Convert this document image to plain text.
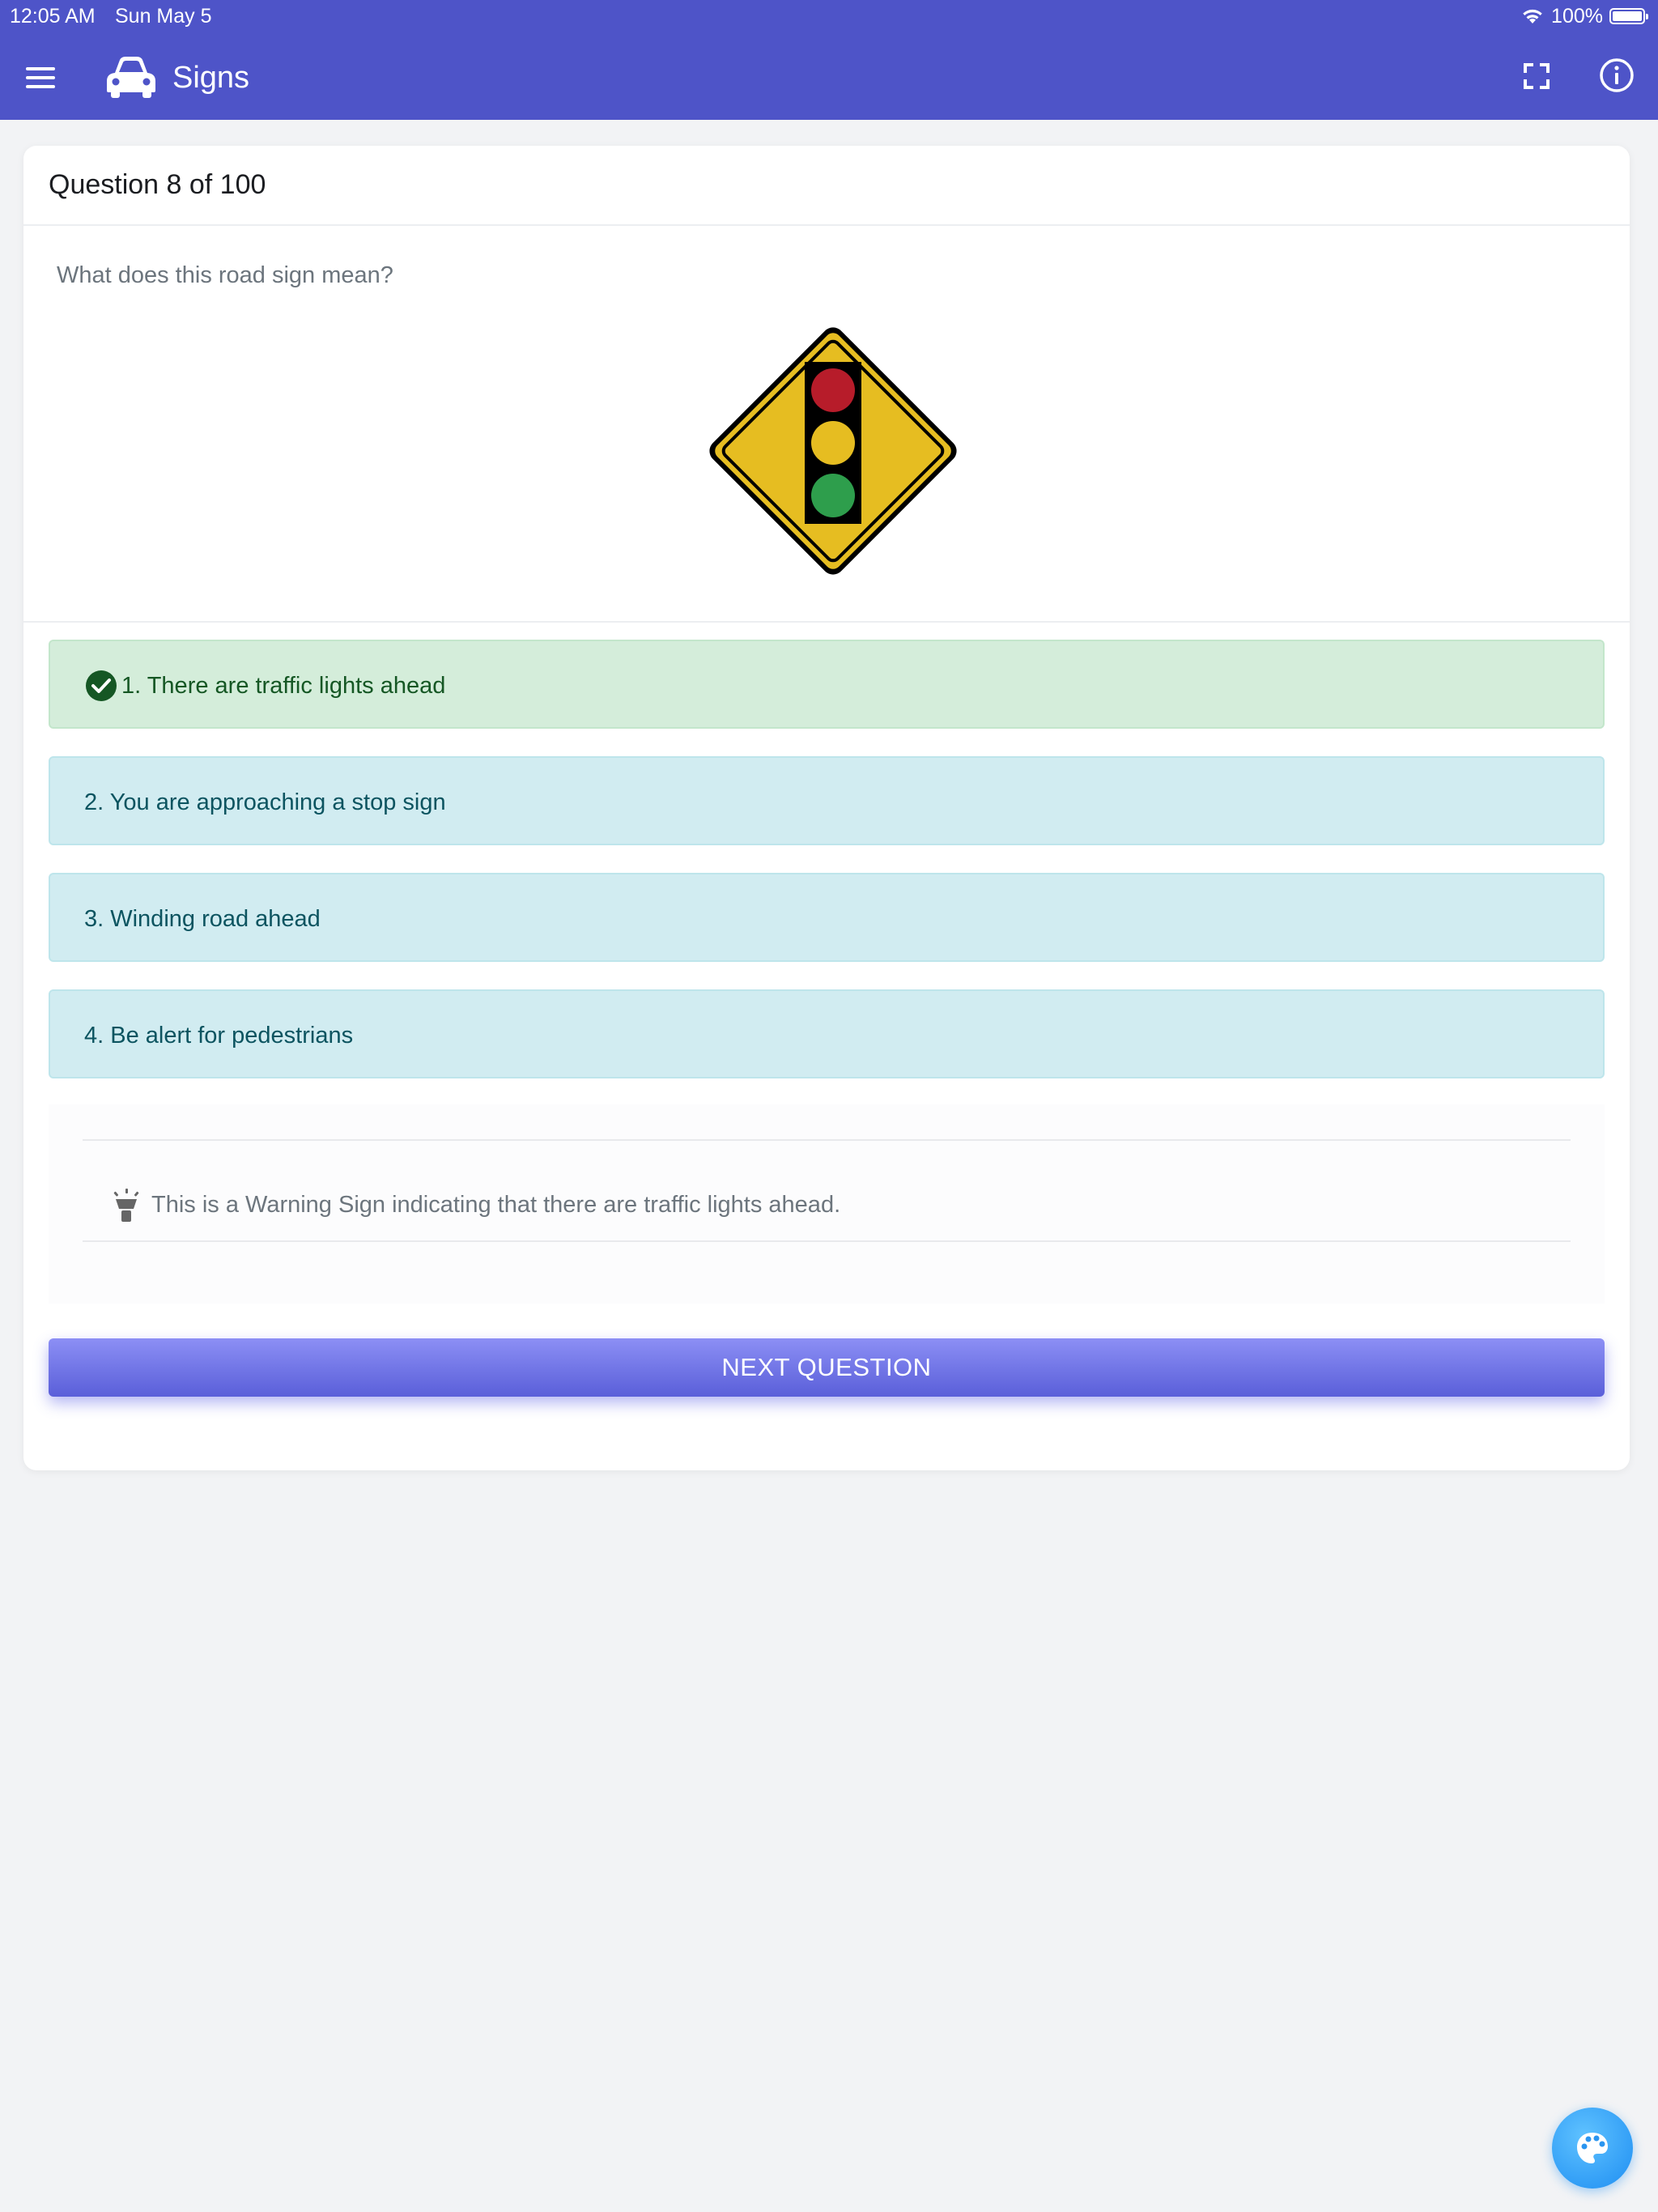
12:05 AM Sun May 5	100%
Signs
Question 8 of 100
What does this road sign mean?
1. There are traffic lights ahead
2. You are approaching a stop sign
3. Winding road ahead
4. Be alert for pedestrians
This is a Warning Sign indicating that there are traffic lights ahead.
NEXT QUESTION
